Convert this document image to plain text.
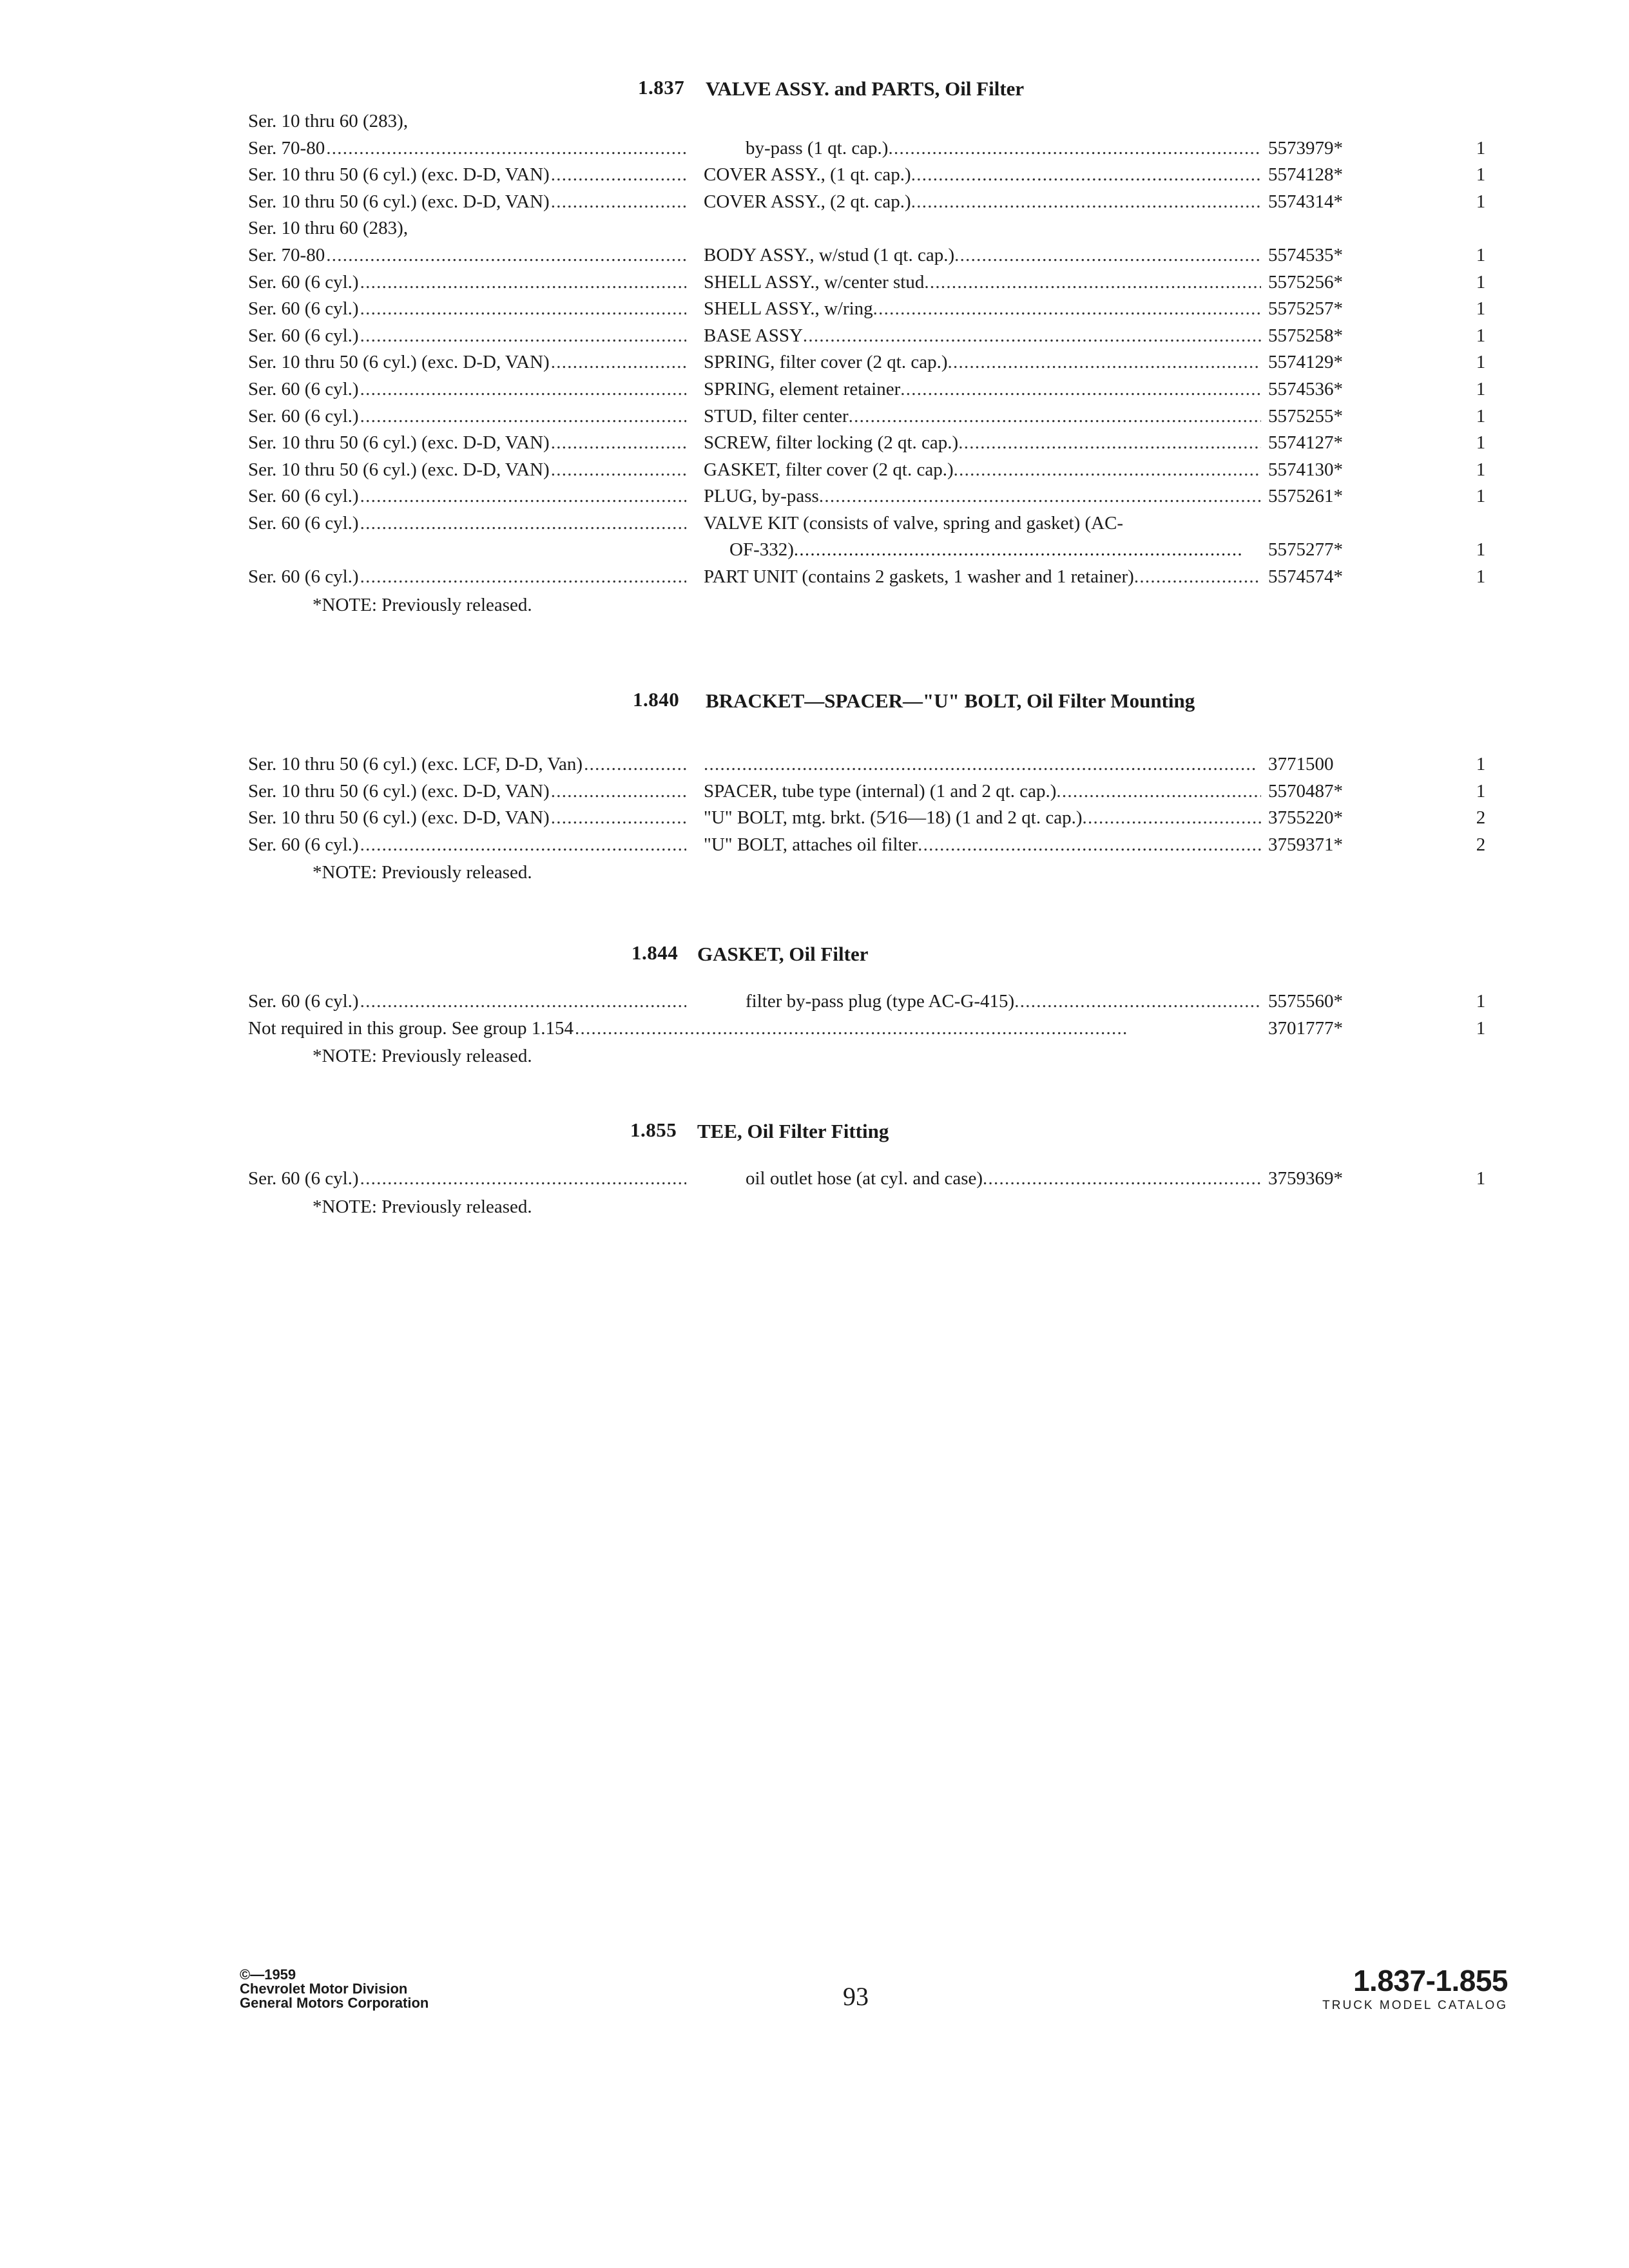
1.837 VALVE ASSY. and PARTS, Oil Filter
Ser. 10 thru 60 (283),
Ser. 70-80 . . .	by-pass (1 qt. cap.) . . .	5573979*	1
Ser. 10 thru 50 (6 cyl.) (exc. D-D, VAN) . . .	COVER ASSY., (1 qt. cap.) . . .	5574128*	1
Ser. 10 thru 50 (6 cyl.) (exc. D-D, VAN) . . .	COVER ASSY., (2 qt. cap.) . . .	5574314*	1
Ser. 10 thru 60 (283),
Ser. 70-80 . . .	BODY ASSY., w/stud (1 qt. cap.) . . .	5574535*	1
Ser. 60 (6 cyl.) . . .	SHELL ASSY., w/center stud . . .	5575256*	1
Ser. 60 (6 cyl.) . . .	SHELL ASSY., w/ring . . .	5575257*	1
Ser. 60 (6 cyl.) . . .	BASE ASSY . . .	5575258*	1
Ser. 10 thru 50 (6 cyl.) (exc. D-D, VAN) . . .	SPRING, filter cover (2 qt. cap.) . . .	5574129*	1
Ser. 60 (6 cyl.) . . .	SPRING, element retainer . . .	5574536*	1
Ser. 60 (6 cyl.) . . .	STUD, filter center . . .	5575255*	1
Ser. 10 thru 50 (6 cyl.) (exc. D-D, VAN) . . .	SCREW, filter locking (2 qt. cap.) . . .	5574127*	1
Ser. 10 thru 50 (6 cyl.) (exc. D-D, VAN) . . .	GASKET, filter cover (2 qt. cap.) . . .	5574130*	1
Ser. 60 (6 cyl.) . . .	PLUG, by-pass . . .	5575261*	1
Ser. 60 (6 cyl.) . . .	VALVE KIT (consists of valve, spring and gasket) (AC-
OF-332) . . .	5575277*	1
Ser. 60 (6 cyl.) . . .	PART UNIT (contains 2 gaskets, 1 washer and 1 retainer) . . .	5574574*	1
*NOTE: Previously released.
1.840 BRACKET—SPACER—"U" BOLT, Oil Filter Mounting
Ser. 10 thru 50 (6 cyl.) (exc. LCF, D-D, Van) . . .
. . .	3771500	1
Ser. 10 thru 50 (6 cyl.) (exc. D-D, VAN) . . .	SPACER, tube type (internal) (1 and 2 qt. cap.) . . .	5570487*	1
Ser. 10 thru 50 (6 cyl.) (exc. D-D, VAN) . . .	"U" BOLT, mtg. brkt. (5⁄16—18) (1 and 2 qt. cap.) . . .	3755220*	2
Ser. 60 (6 cyl.) . . .	"U" BOLT, attaches oil filter . . .	3759371*	2
*NOTE: Previously released.
1.844 GASKET, Oil Filter
Ser. 60 (6 cyl.) . . .	filter by-pass plug (type AC-G-415) . . .	5575560*	1
Not required in this group. See group 1.154 . . .	3701777*	1
*NOTE: Previously released.
1.855 TEE, Oil Filter Fitting
Ser. 60 (6 cyl.) . . .	oil outlet hose (at cyl. and case) . . .	3759369*	1
*NOTE: Previously released.
©—1959
Chevrolet Motor Division
General Motors Corporation	93	1.837-1.855
TRUCK MODEL CATALOG
